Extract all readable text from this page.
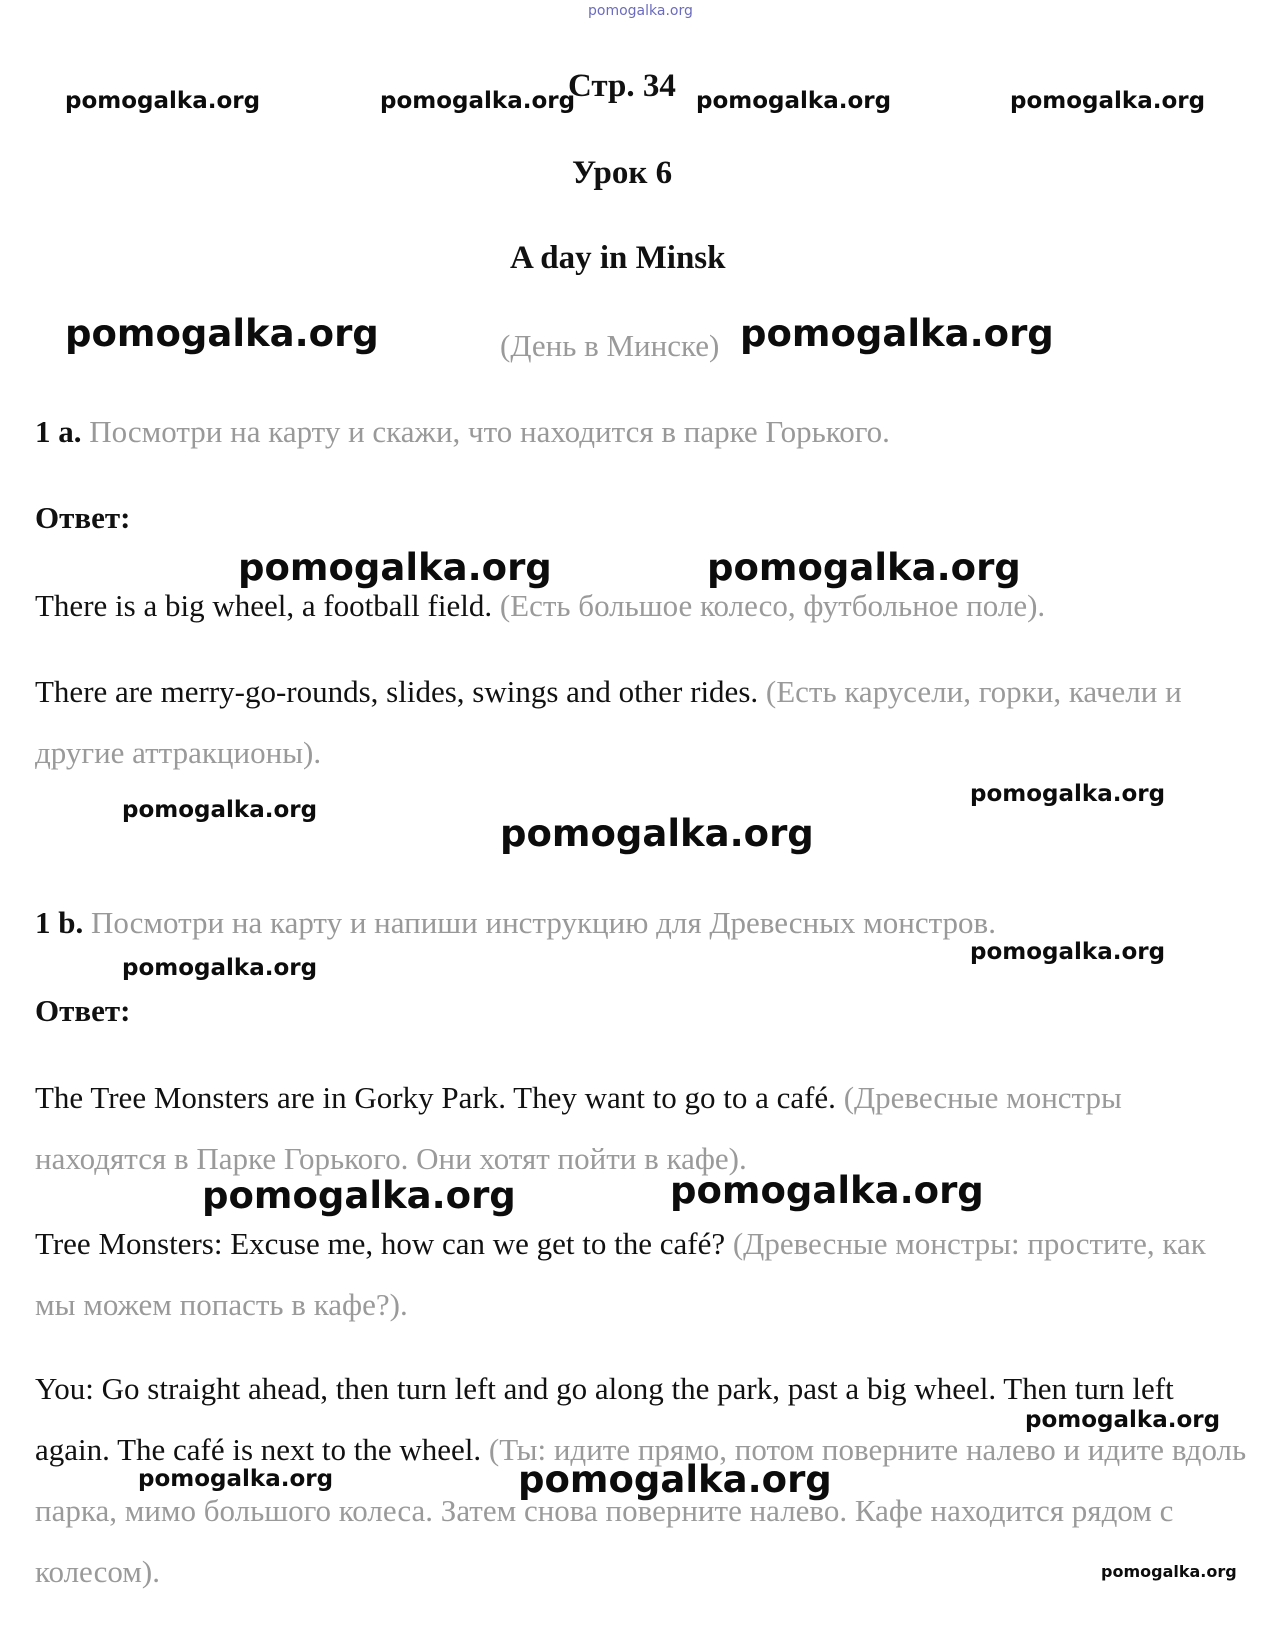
pomogalka.org
pomogalka.org	pomogalka.org	pomogalka.org	pomogalka.org
Стр. 34
Урок 6
A day in Minsk
(День в Минске)
pomogalka.org	pomogalka.org
1 a. Посмотри на карту и скажи, что находится в парке Горького.
Ответ:
pomogalka.org	pomogalka.org
There is a big wheel, a football field. (Есть большое колесо, футбольное поле).
There are merry-go-rounds, slides, swings and other rides. (Есть карусели, горки, качели и другие аттракционы).
pomogalka.org
pomogalka.org
pomogalka.org
1 b. Посмотри на карту и напиши инструкцию для Древесных монстров.
pomogalka.org
pomogalka.org
Ответ:
The Tree Monsters are in Gorky Park. They want to go to a café. (Древесные монстры находятся в Парке Горького. Они хотят пойти в кафе).
pomogalka.org	pomogalka.org
Tree Monsters: Excuse me, how can we get to the café? (Древесные монстры: простите, как мы можем попасть в кафе?).
You: Go straight ahead, then turn left and go along the park, past a big wheel. Then turn left again. The café is next to the wheel. (Ты: идите прямо, потом поверните налево и идите вдоль парка, мимо большого колеса. Затем снова поверните налево. Кафе находится рядом с колесом).
pomogalka.org
pomogalka.org	pomogalka.org
pomogalka.org
